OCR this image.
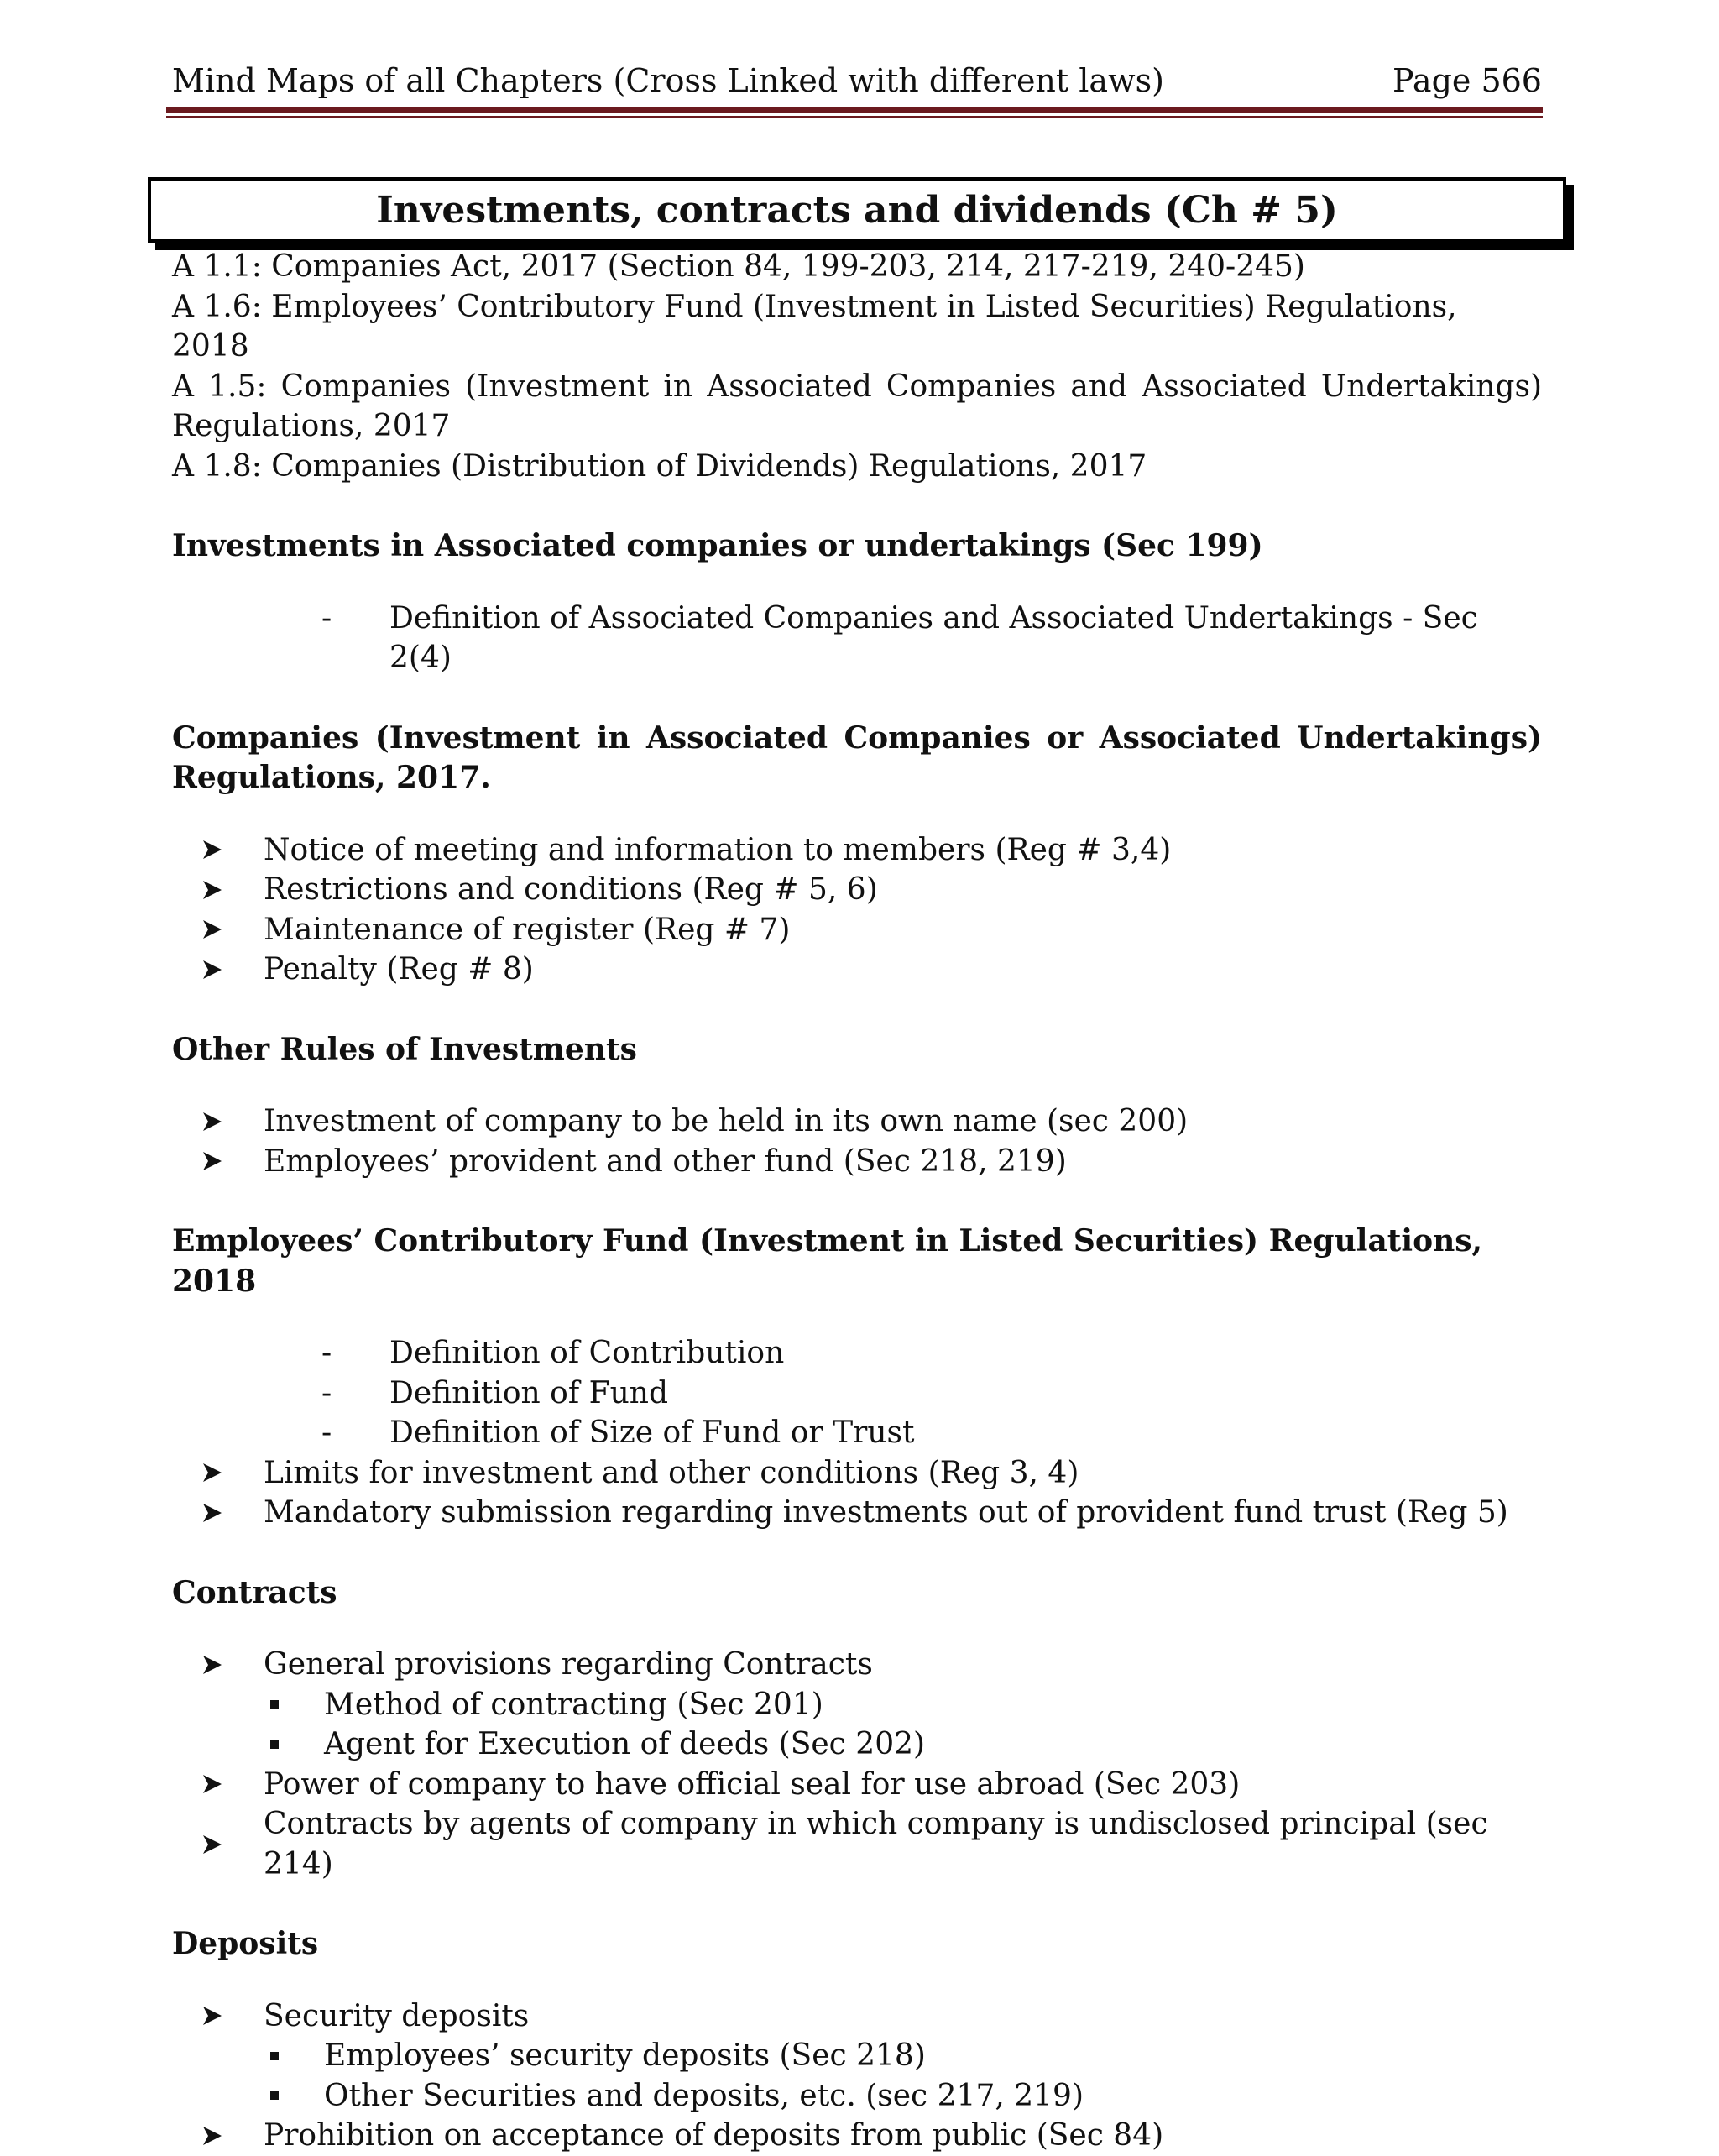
Mind Maps of all Chapters (Cross Linked with different laws)	Page 566
Investments, contracts and dividends (Ch # 5)
A 1.1: Companies Act, 2017 (Section 84, 199-203, 214, 217-219, 240-245)
A 1.6: Employees’ Contributory Fund (Investment in Listed Securities) Regulations, 2018
A 1.5: Companies (Investment in Associated Companies and Associated Undertakings)
Regulations, 2017
A 1.8: Companies (Distribution of Dividends) Regulations, 2017
Investments in Associated companies or undertakings (Sec 199)
-	Definition of Associated Companies and Associated Undertakings - Sec 2(4)
Companies (Investment in Associated Companies or Associated Undertakings)
Regulations, 2017.
Notice of meeting and information to members (Reg # 3,4)
Restrictions and conditions (Reg # 5, 6)
Maintenance of register (Reg # 7)
Penalty (Reg # 8)
Other Rules of Investments
Investment of company to be held in its own name (sec 200)
Employees’ provident and other fund (Sec 218, 219)
Employees’ Contributory Fund (Investment in Listed Securities) Regulations, 2018
-	Definition of Contribution
-	Definition of Fund
-	Definition of Size of Fund or Trust
Limits for investment and other conditions (Reg 3, 4)
Mandatory submission regarding investments out of provident fund trust (Reg 5)
Contracts
General provisions regarding Contracts
Method of contracting (Sec 201)
Agent for Execution of deeds (Sec 202)
Power of company to have official seal for use abroad (Sec 203)
Contracts by agents of company in which company is undisclosed principal (sec 214)
Deposits
Security deposits
Employees’ security deposits (Sec 218)
Other Securities and deposits, etc. (sec 217, 219)
Prohibition on acceptance of deposits from public (Sec 84)
